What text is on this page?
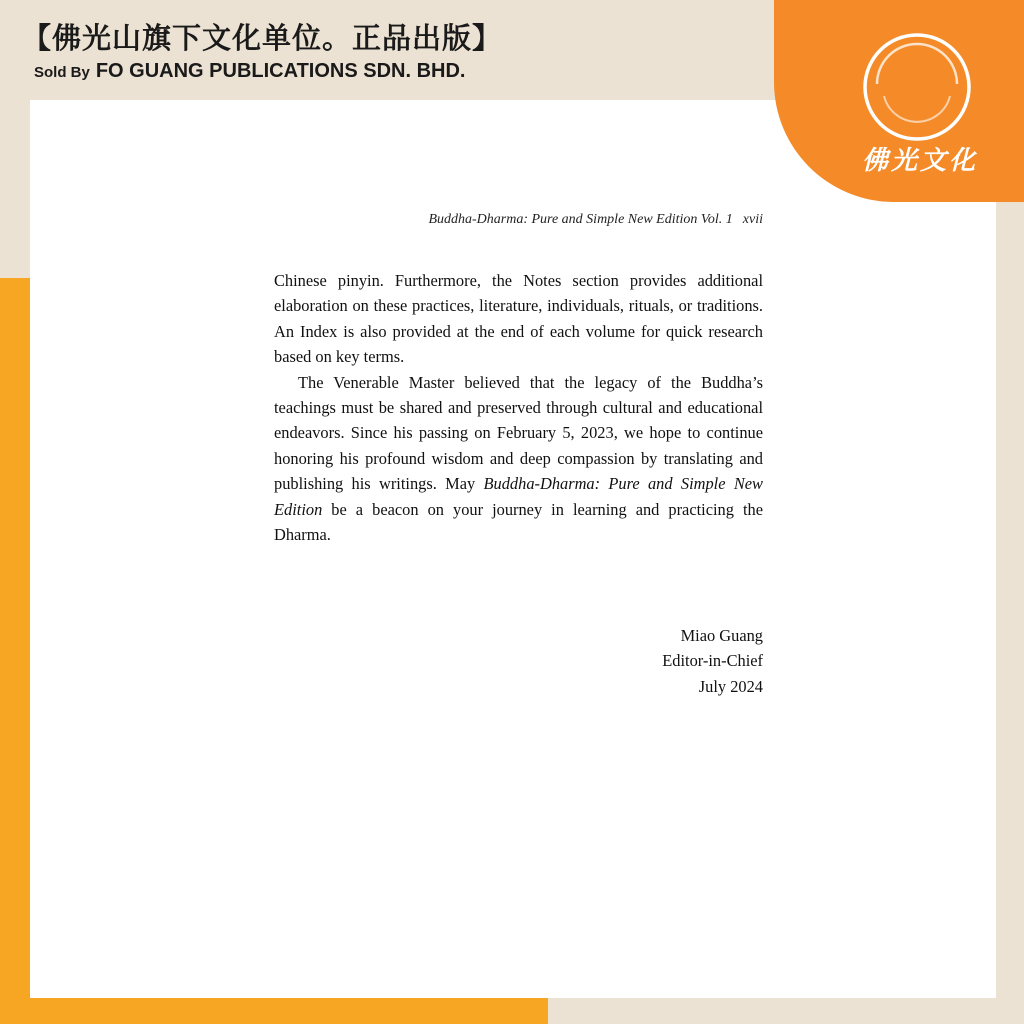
【佛光山旗下文化单位。正品出版】
Sold By FO GUANG PUBLICATIONS SDN. BHD.
佛光文化
Buddha-Dharma: Pure and Simple New Edition Vol. 1 xvii

Chinese pinyin. Furthermore, the Notes section provides additional elaboration on these practices, literature, individuals, rituals, or traditions. An Index is also provided at the end of each volume for quick research based on key terms.

The Venerable Master believed that the legacy of the Buddha’s teachings must be shared and preserved through cultural and educational endeavors. Since his passing on February 5, 2023, we hope to continue honoring his profound wisdom and deep compassion by translating and publishing his writings. May Buddha-Dharma: Pure and Simple New Edition be a beacon on your journey in learning and practicing the Dharma.

Miao Guang
Editor-in-Chief
July 2024
